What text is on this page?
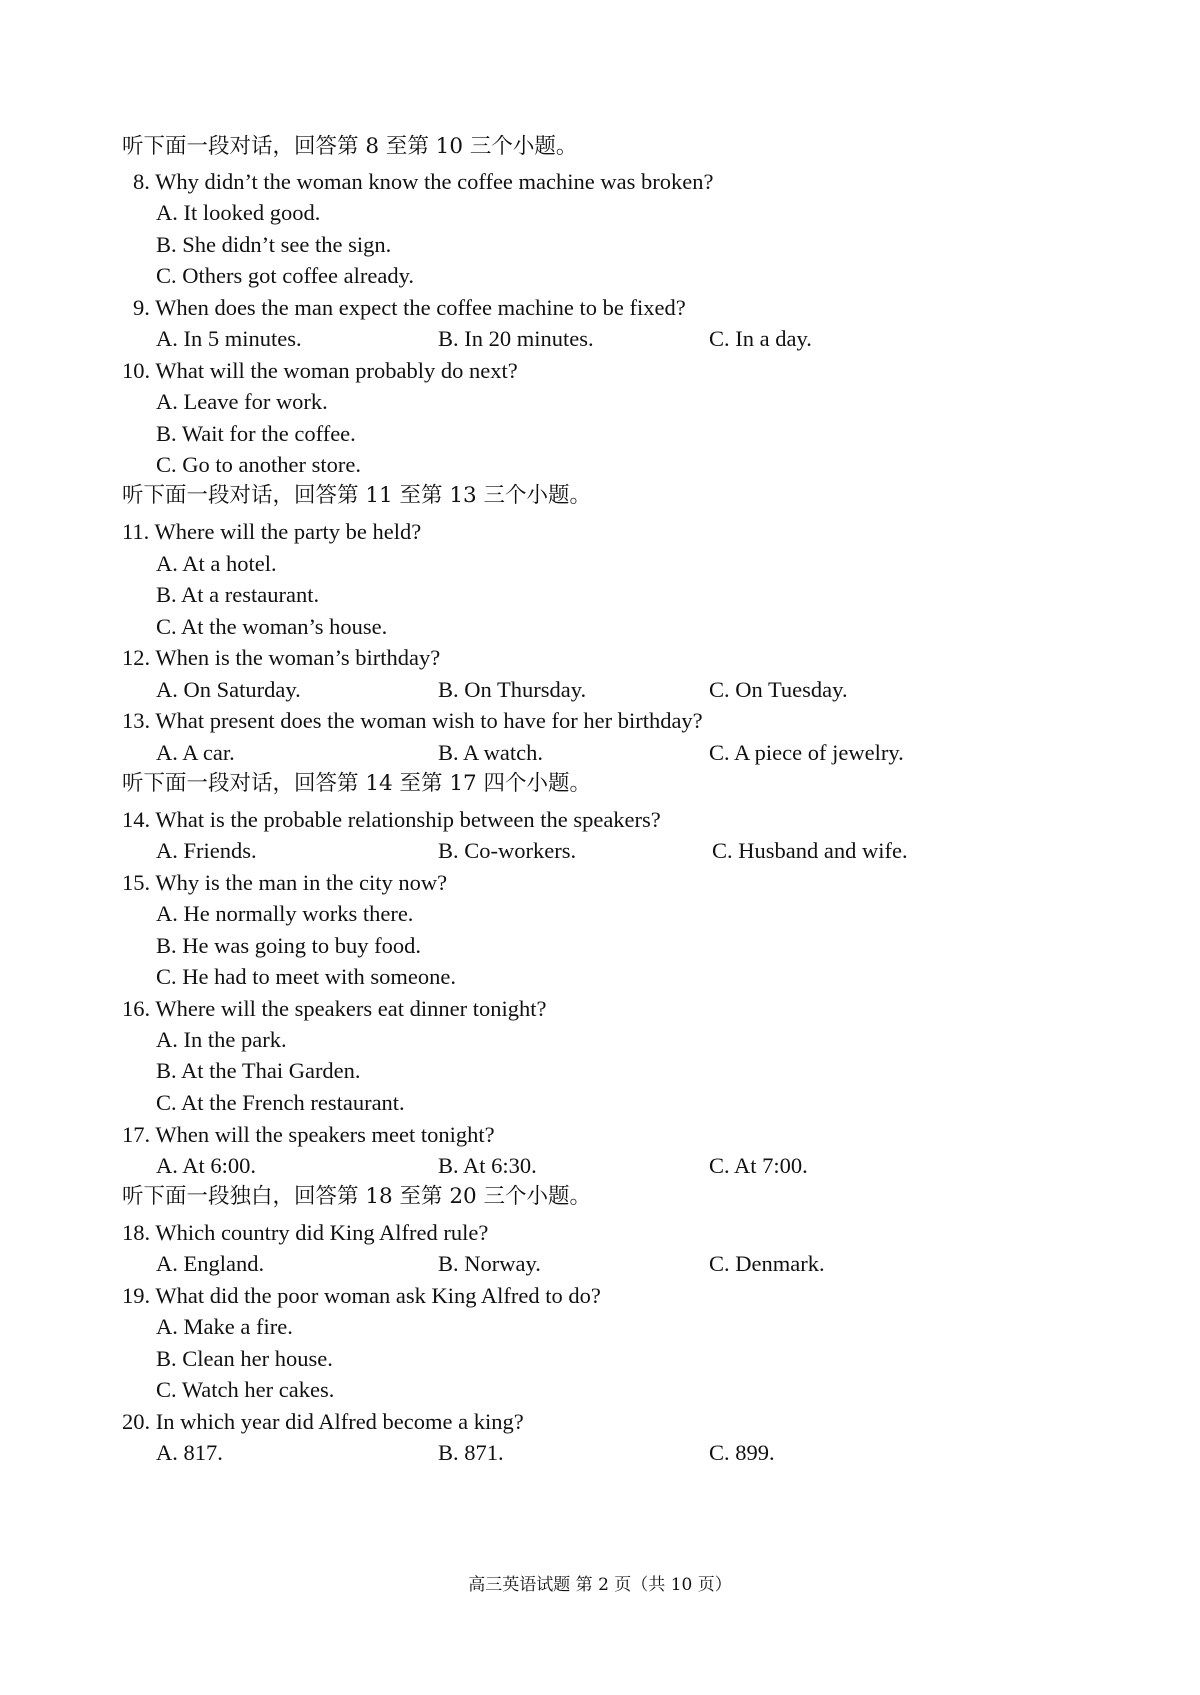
听下面一段对话，回答第 8 至第 10 三个小题。
8. Why didn’t the woman know the coffee machine was broken?
A. It looked good.
B. She didn’t see the sign.
C. Others got coffee already.
9. When does the man expect the coffee machine to be fixed?
A. In 5 minutes.	B. In 20 minutes.	C. In a day.
10. What will the woman probably do next?
A. Leave for work.
B. Wait for the coffee.
C. Go to another store.
听下面一段对话，回答第 11 至第 13 三个小题。
11. Where will the party be held?
A. At a hotel.
B. At a restaurant.
C. At the woman’s house.
12. When is the woman’s birthday?
A. On Saturday.	B. On Thursday.	C. On Tuesday.
13. What present does the woman wish to have for her birthday?
A. A car.	B. A watch.	C. A piece of jewelry.
听下面一段对话，回答第 14 至第 17 四个小题。
14. What is the probable relationship between the speakers?
A. Friends.	B. Co-workers.	C. Husband and wife.
15. Why is the man in the city now?
A. He normally works there.
B. He was going to buy food.
C. He had to meet with someone.
16. Where will the speakers eat dinner tonight?
A. In the park.
B. At the Thai Garden.
C. At the French restaurant.
17. When will the speakers meet tonight?
A. At 6:00.	B. At 6:30.	C. At 7:00.
听下面一段独白，回答第 18 至第 20 三个小题。
18. Which country did King Alfred rule?
A. England.	B. Norway.	C. Denmark.
19. What did the poor woman ask King Alfred to do?
A. Make a fire.
B. Clean her house.
C. Watch her cakes.
20. In which year did Alfred become a king?
A. 817.	B. 871.	C. 899.
高三英语试题 第 2 页（共 10 页）
